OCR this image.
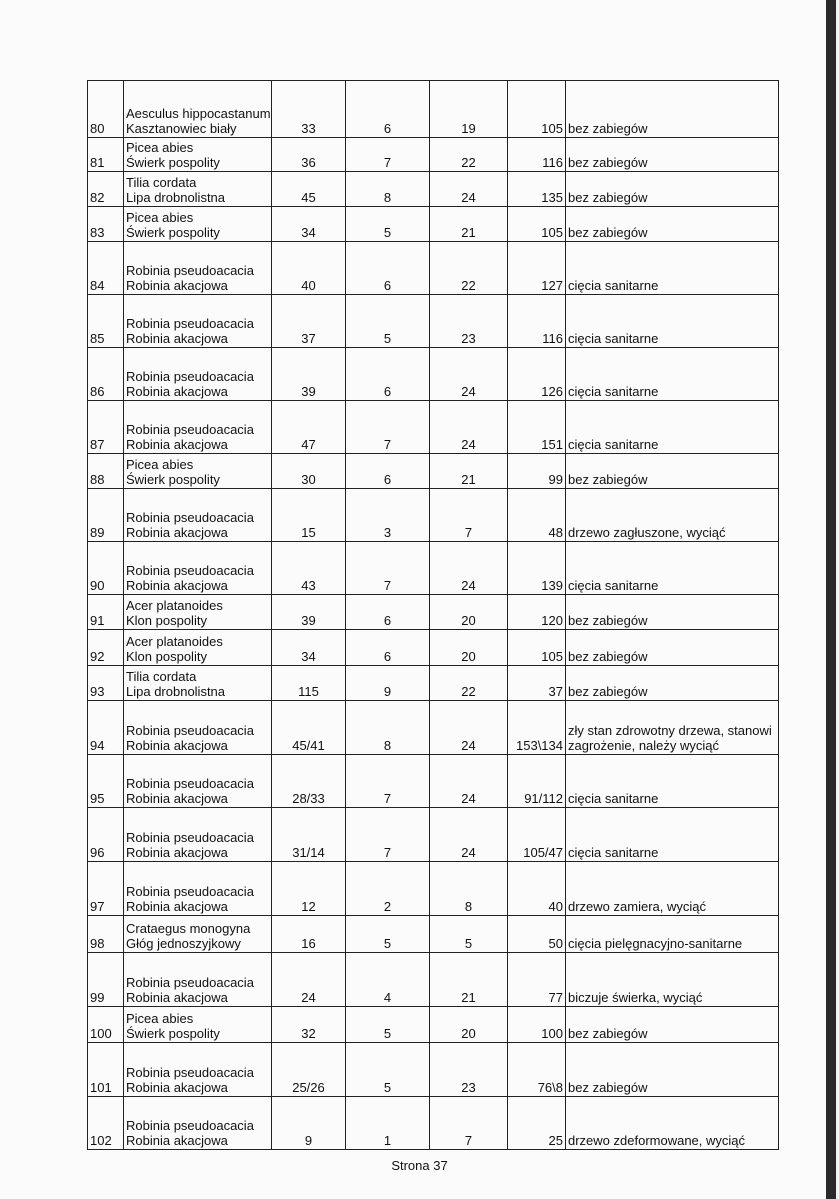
80	Aesculus hippocastanum
Kasztanowiec biały	33	6	19	105	bez zabiegów

81	Picea abies
Świerk pospolity	36	7	22	116	bez zabiegów

82	Tilia cordata
Lipa drobnolistna	45	8	24	135	bez zabiegów

83	Picea abies
Świerk pospolity	34	5	21	105	bez zabiegów

84	Robinia pseudoacacia
Robinia akacjowa	40	6	22	127	cięcia sanitarne

85	Robinia pseudoacacia
Robinia akacjowa	37	5	23	116	cięcia sanitarne

86	Robinia pseudoacacia
Robinia akacjowa	39	6	24	126	cięcia sanitarne

87	Robinia pseudoacacia
Robinia akacjowa	47	7	24	151	cięcia sanitarne

88	Picea abies
Świerk pospolity	30	6	21	99	bez zabiegów

89	Robinia pseudoacacia
Robinia akacjowa	15	3	7	48	drzewo zagłuszone, wyciąć

90	Robinia pseudoacacia
Robinia akacjowa	43	7	24	139	cięcia sanitarne

91	Acer platanoides
Klon pospolity	39	6	20	120	bez zabiegów

92	Acer platanoides
Klon pospolity	34	6	20	105	bez zabiegów

93	Tilia cordata
Lipa drobnolistna	115	9	22	37	bez zabiegów

94	Robinia pseudoacacia
Robinia akacjowa	45/41	8	24	153\134	zły stan zdrowotny drzewa, stanowi zagrożenie, należy wyciąć

95	Robinia pseudoacacia
Robinia akacjowa	28/33	7	24	91/112	cięcia sanitarne

96	Robinia pseudoacacia
Robinia akacjowa	31/14	7	24	105/47	cięcia sanitarne

97	Robinia pseudoacacia
Robinia akacjowa	12	2	8	40	drzewo zamiera, wyciąć

98	Crataegus monogyna
Głóg jednoszyjkowy	16	5	5	50	cięcia pielęgnacyjno-sanitarne

99	Robinia pseudoacacia
Robinia akacjowa	24	4	21	77	biczuje świerka, wyciąć

100	Picea abies
Świerk pospolity	32	5	20	100	bez zabiegów

101	Robinia pseudoacacia
Robinia akacjowa	25/26	5	23	76\8	bez zabiegów

102	Robinia pseudoacacia
Robinia akacjowa	9	1	7	25	drzewo zdeformowane, wyciąć
Strona 37
